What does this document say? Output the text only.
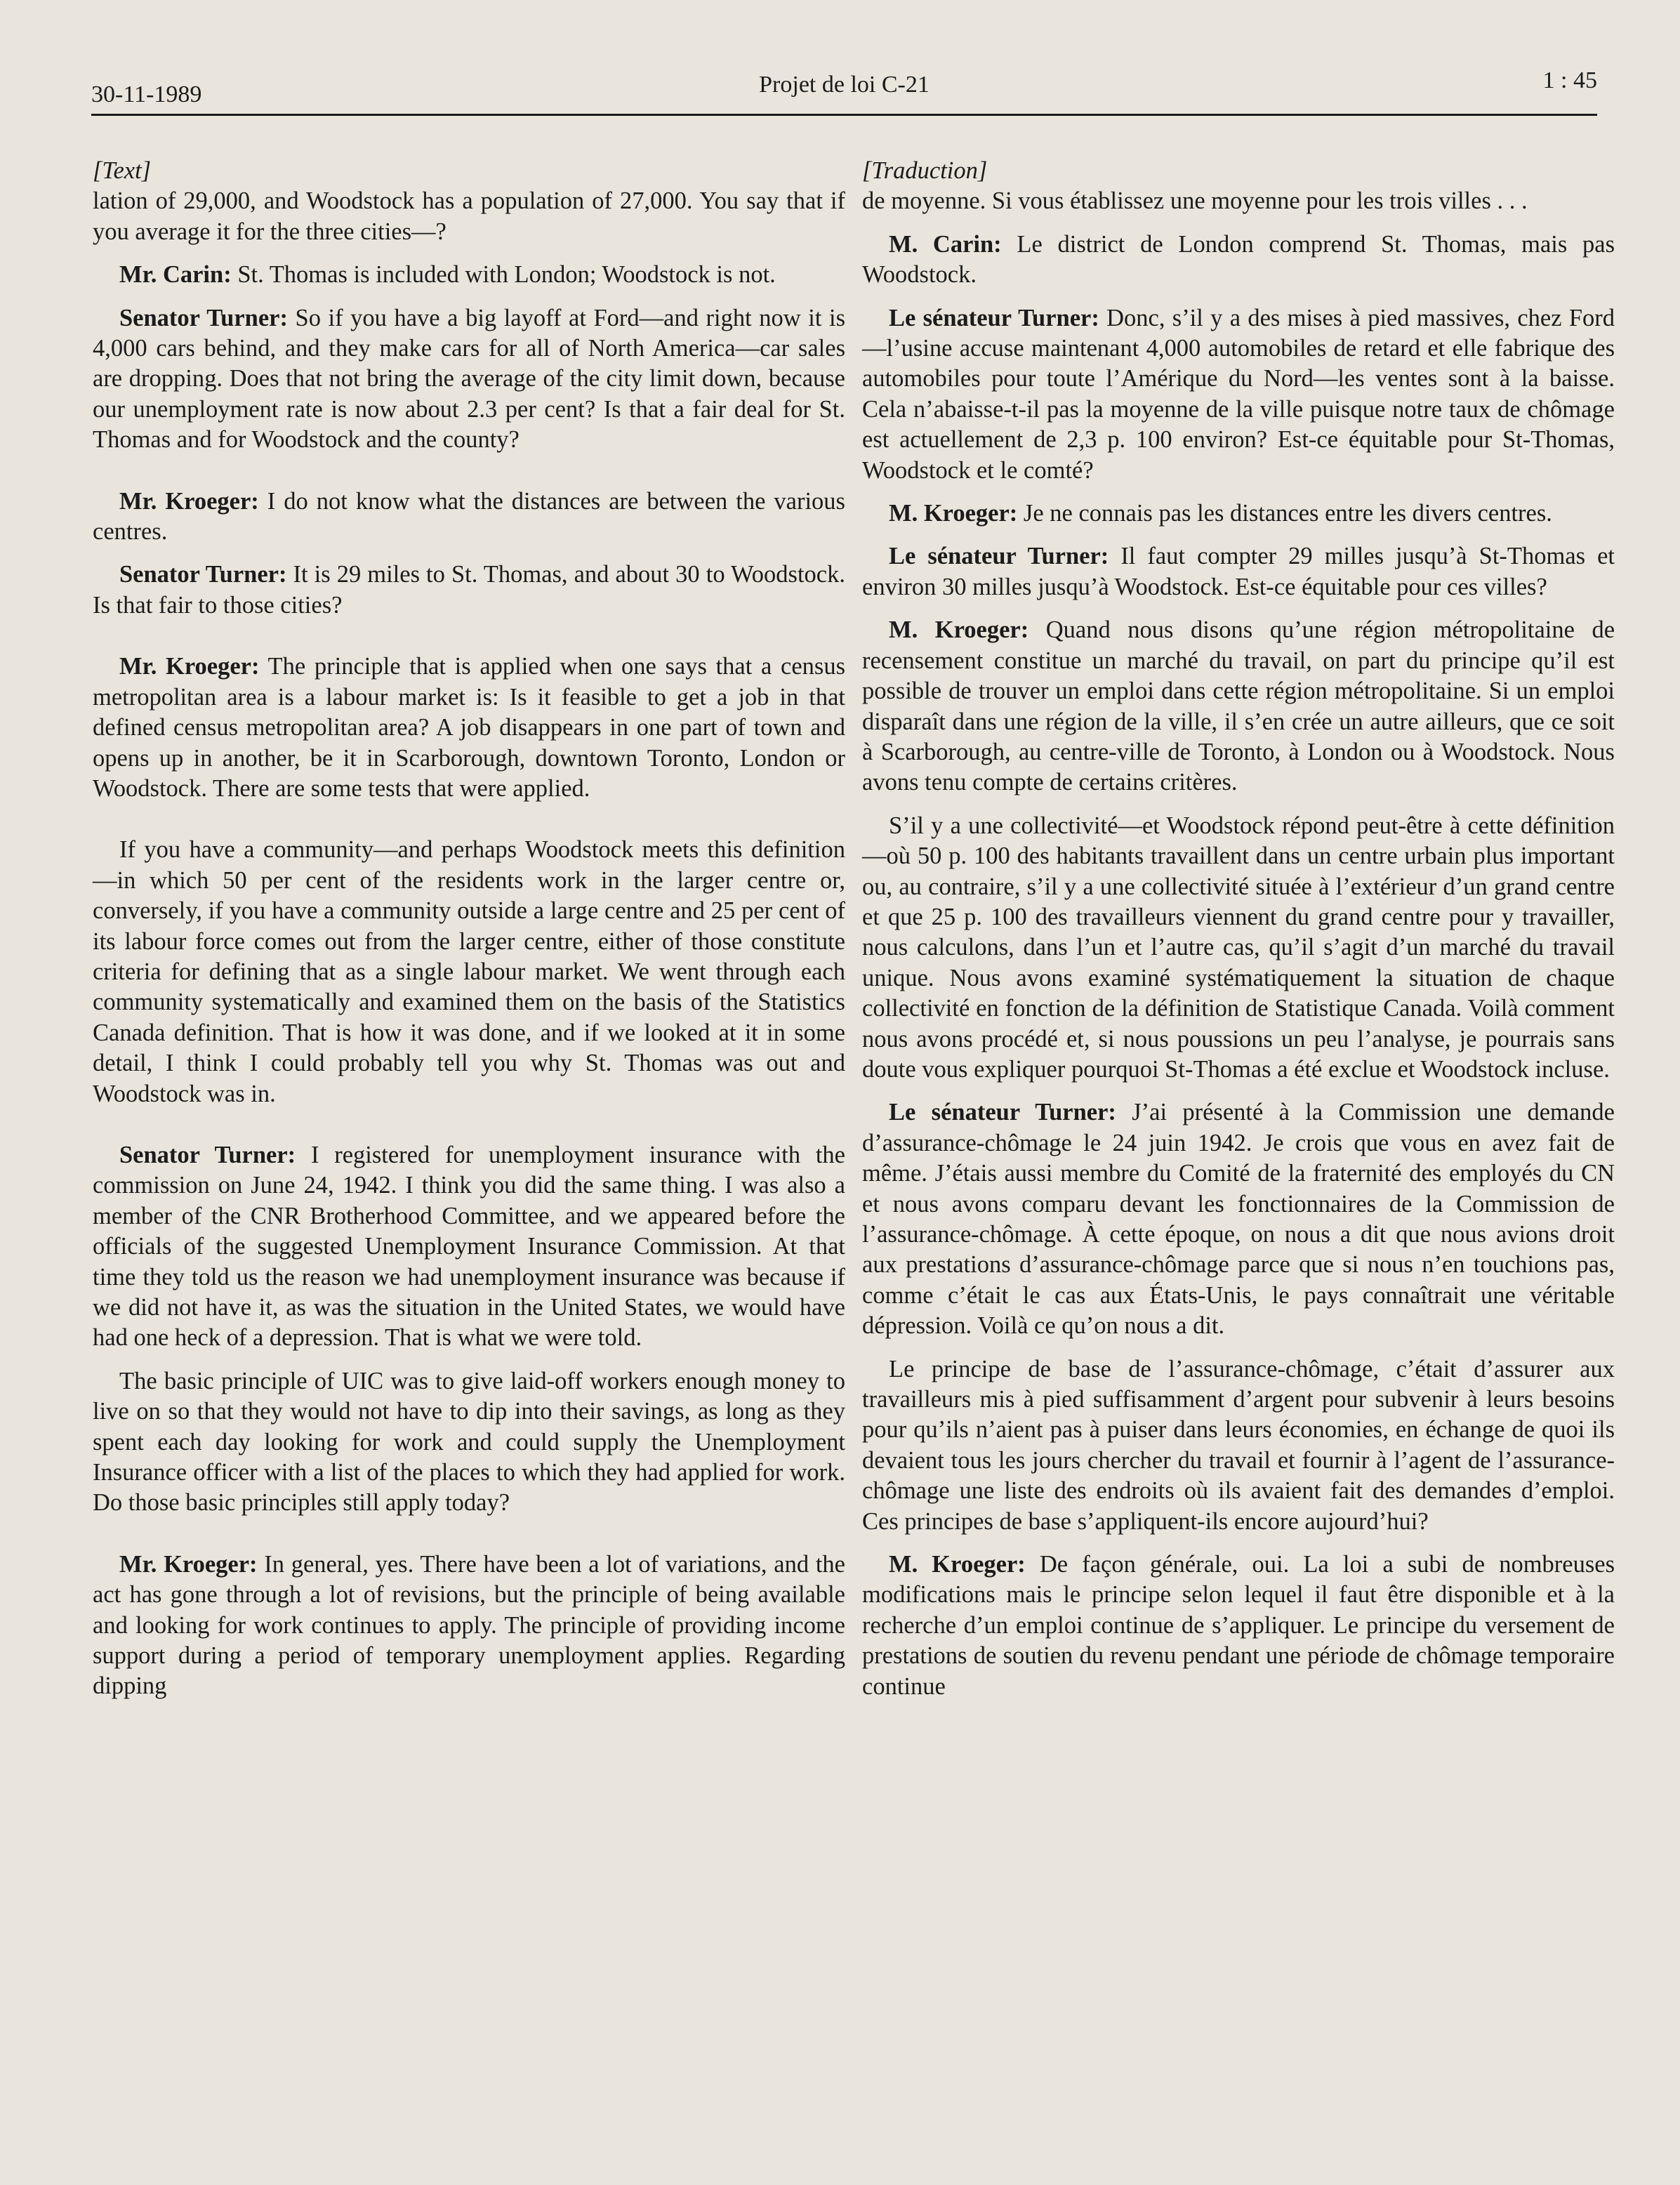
30-11-1989	Projet de loi C-21	1 : 45
[Text]

lation of 29,000, and Woodstock has a population of 27,000. You say that if you average it for the three cities—?

Mr. Carin: St. Thomas is included with London; Woodstock is not.

Senator Turner: So if you have a big layoff at Ford—and right now it is 4,000 cars behind, and they make cars for all of North America—car sales are dropping. Does that not bring the average of the city limit down, because our unemployment rate is now about 2.3 per cent? Is that a fair deal for St. Thomas and for Woodstock and the county?

Mr. Kroeger: I do not know what the distances are between the various centres.

Senator Turner: It is 29 miles to St. Thomas, and about 30 to Woodstock. Is that fair to those cities?

Mr. Kroeger: The principle that is applied when one says that a census metropolitan area is a labour market is: Is it feasible to get a job in that defined census metropolitan area? A job disappears in one part of town and opens up in another, be it in Scarborough, downtown Toronto, London or Woodstock. There are some tests that were applied.

If you have a community—and perhaps Woodstock meets this definition—in which 50 per cent of the residents work in the larger centre or, conversely, if you have a community outside a large centre and 25 per cent of its labour force comes out from the larger centre, either of those constitute criteria for defining that as a single labour market. We went through each community systematically and examined them on the basis of the Statistics Canada definition. That is how it was done, and if we looked at it in some detail, I think I could probably tell you why St. Thomas was out and Woodstock was in.

Senator Turner: I registered for unemployment insurance with the commission on June 24, 1942. I think you did the same thing. I was also a member of the CNR Brotherhood Committee, and we appeared before the officials of the suggested Unemployment Insurance Commission. At that time they told us the reason we had unemployment insurance was because if we did not have it, as was the situation in the United States, we would have had one heck of a depression. That is what we were told.

The basic principle of UIC was to give laid-off workers enough money to live on so that they would not have to dip into their savings, as long as they spent each day looking for work and could supply the Unemployment Insurance officer with a list of the places to which they had applied for work. Do those basic principles still apply today?

Mr. Kroeger: In general, yes. There have been a lot of variations, and the act has gone through a lot of revisions, but the principle of being available and looking for work continues to apply. The principle of providing income support during a period of temporary unemployment applies. Regarding dipping

[Traduction]

de moyenne. Si vous établissez une moyenne pour les trois villes . . .

M. Carin: Le district de London comprend St. Thomas, mais pas Woodstock.

Le sénateur Turner: Donc, s’il y a des mises à pied massives, chez Ford—l’usine accuse maintenant 4,000 automobiles de retard et elle fabrique des automobiles pour toute l’Amérique du Nord—les ventes sont à la baisse. Cela n’abaisse-t-il pas la moyenne de la ville puisque notre taux de chômage est actuellement de 2,3 p. 100 environ? Est-ce équitable pour St-Thomas, Woodstock et le comté?

M. Kroeger: Je ne connais pas les distances entre les divers centres.

Le sénateur Turner: Il faut compter 29 milles jusqu’à St-Thomas et environ 30 milles jusqu’à Woodstock. Est-ce équitable pour ces villes?

M. Kroeger: Quand nous disons qu’une région métropolitaine de recensement constitue un marché du travail, on part du principe qu’il est possible de trouver un emploi dans cette région métropolitaine. Si un emploi disparaît dans une région de la ville, il s’en crée un autre ailleurs, que ce soit à Scarborough, au centre-ville de Toronto, à London ou à Woodstock. Nous avons tenu compte de certains critères.

S’il y a une collectivité—et Woodstock répond peut-être à cette définition—où 50 p. 100 des habitants travaillent dans un centre urbain plus important ou, au contraire, s’il y a une collectivité située à l’extérieur d’un grand centre et que 25 p. 100 des travailleurs viennent du grand centre pour y travailler, nous calculons, dans l’un et l’autre cas, qu’il s’agit d’un marché du travail unique. Nous avons examiné systématiquement la situation de chaque collectivité en fonction de la définition de Statistique Canada. Voilà comment nous avons procédé et, si nous poussions un peu l’analyse, je pourrais sans doute vous expliquer pourquoi St-Thomas a été exclue et Woodstock incluse.

Le sénateur Turner: J’ai présenté à la Commission une demande d’assurance-chômage le 24 juin 1942. Je crois que vous en avez fait de même. J’étais aussi membre du Comité de la fraternité des employés du CN et nous avons comparu devant les fonctionnaires de la Commission de l’assurance-chômage. À cette époque, on nous a dit que nous avions droit aux prestations d’assurance-chômage parce que si nous n’en touchions pas, comme c’était le cas aux États-Unis, le pays connaîtrait une véritable dépression. Voilà ce qu’on nous a dit.

Le principe de base de l’assurance-chômage, c’était d’assurer aux travailleurs mis à pied suffisamment d’argent pour subvenir à leurs besoins pour qu’ils n’aient pas à puiser dans leurs économies, en échange de quoi ils devaient tous les jours chercher du travail et fournir à l’agent de l’assurance-chômage une liste des endroits où ils avaient fait des demandes d’emploi. Ces principes de base s’appliquent-ils encore aujourd’hui?

M. Kroeger: De façon générale, oui. La loi a subi de nombreuses modifications mais le principe selon lequel il faut être disponible et à la recherche d’un emploi continue de s’appliquer. Le principe du versement de prestations de soutien du revenu pendant une période de chômage temporaire continue
